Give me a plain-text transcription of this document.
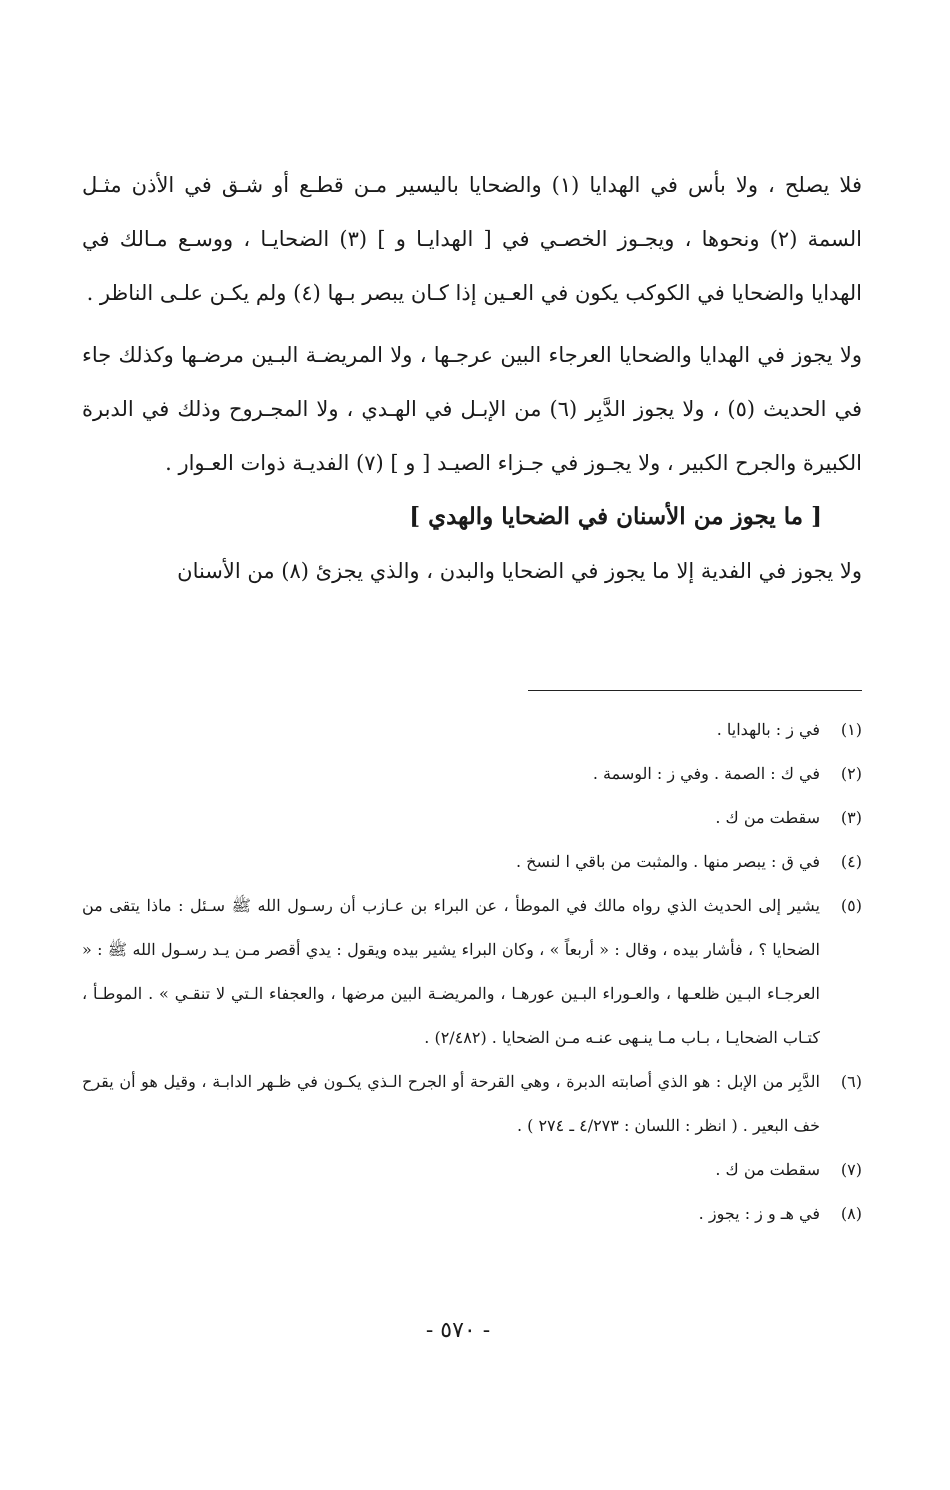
فلا يصلح ، ولا بأس في الهدايا (١) والضحايا باليسير مـن قطـع أو شـق في الأذن مثـل السمة (٢) ونحوها ، ويجـوز الخصـي في [ الهدايـا و ] (٣) الضحايـا ، ووسـع مـالك في الهدايا والضحايا في الكوكب يكون في العـين إذا كـان يبصر بـها (٤) ولم يكـن علـى الناظر .

ولا يجوز في الهدايا والضحايا العرجاء البين عرجـها ، ولا المريضـة البـين مرضـها وكذلك جاء في الحديث (٥) ، ولا يجوز الدَّبِر (٦) من الإبـل في الهـدي ، ولا المجـروح وذلك في الدبرة الكبيرة والجرح الكبير ، ولا يجـوز في جـزاء الصيـد [ و ] (٧) الفديـة ذوات العـوار .

[ ما يجوز من الأسنان في الضحايا والهدي ]

ولا يجوز في الفدية إلا ما يجوز في الضحايا والبدن ، والذي يجزئ (٨) من الأسنان

(١)
في ز : بالهدايا .
(٢)
في ك : الصمة . وفي ز : الوسمة .
(٣)
سقطت من ك .
(٤)
في ق : يبصر منها . والمثبت من باقي ا لنسخ .
(٥)
يشير إلى الحديث الذي رواه مالك في الموطأ ، عن البراء بن عـازب أن رسـول الله ﷺ سـئل : ماذا يتقى من الضحايا ؟ ، فأشار بيده ، وقال : « أربعاً » ، وكان البراء يشير بيده ويقول : يدي أقصر مـن يـد رسـول الله ﷺ : « العرجـاء البـين ظلعـها ، والعـوراء البـين عورهـا ، والمريضـة البين مرضها ، والعجفاء الـتي لا تنقـي » . الموطـأ ، كتـاب الضحايـا ، بـاب مـا ينـهى عنـه مـن الضحايا . (٢/٤٨٢) .
(٦)
الدَّبِر من الإبل : هو الذي أصابته الدبرة ، وهي القرحة أو الجرح الـذي يكـون في ظـهر الدابـة ، وقيل هو أن يقرح خف البعير . ( انظر : اللسان : ٤/٢٧٣ ـ ٢٧٤ ) .
(٧)
سقطت من ك .
(٨)
في هـ و ز : يجوز .
- ٥٧٠ -
